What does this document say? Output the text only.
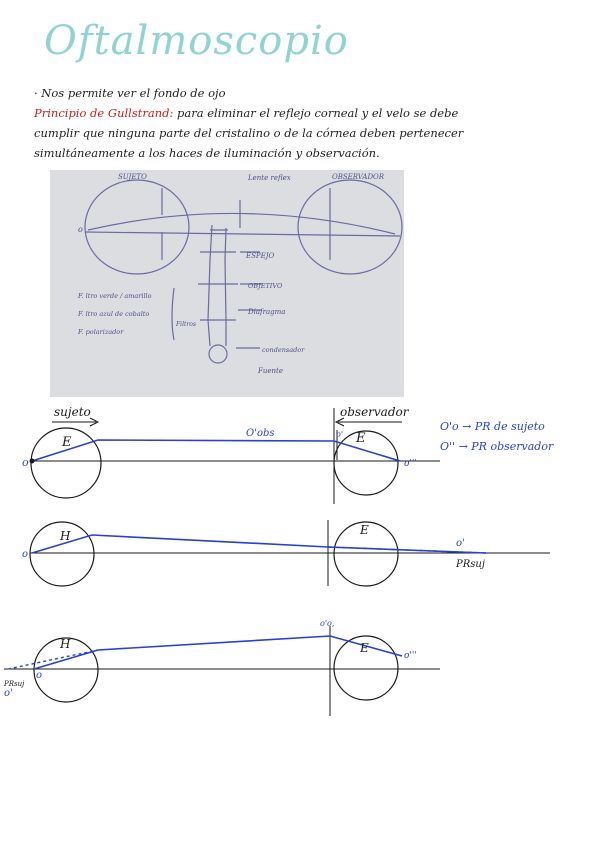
Oftalmoscopio
· Nos permite ver el fondo de ojo
Principio de Gullstrand: para eliminar el reflejo corneal y el velo se debe
cumplir que ninguna parte del cristalino o de la córnea deben pertenecer
simultáneamente a los haces de iluminación y observación.
SUJETO	OBSERVADOR
Lente reflex
ESPEJO
OBJETIVO
Diafragma
condensador
Fuente
Filtros
F. ltro verde / amarillo
F. ltro azul de cobalto
F. polarizador
o
sujeto	observador
E	E
o
o'
O'obs
o'''
O'o → PR de sujeto
O'' → PR observador
H	E
o
o'
PRsuj
H	E
o
o'
o'o,
o'''
PRsuj
